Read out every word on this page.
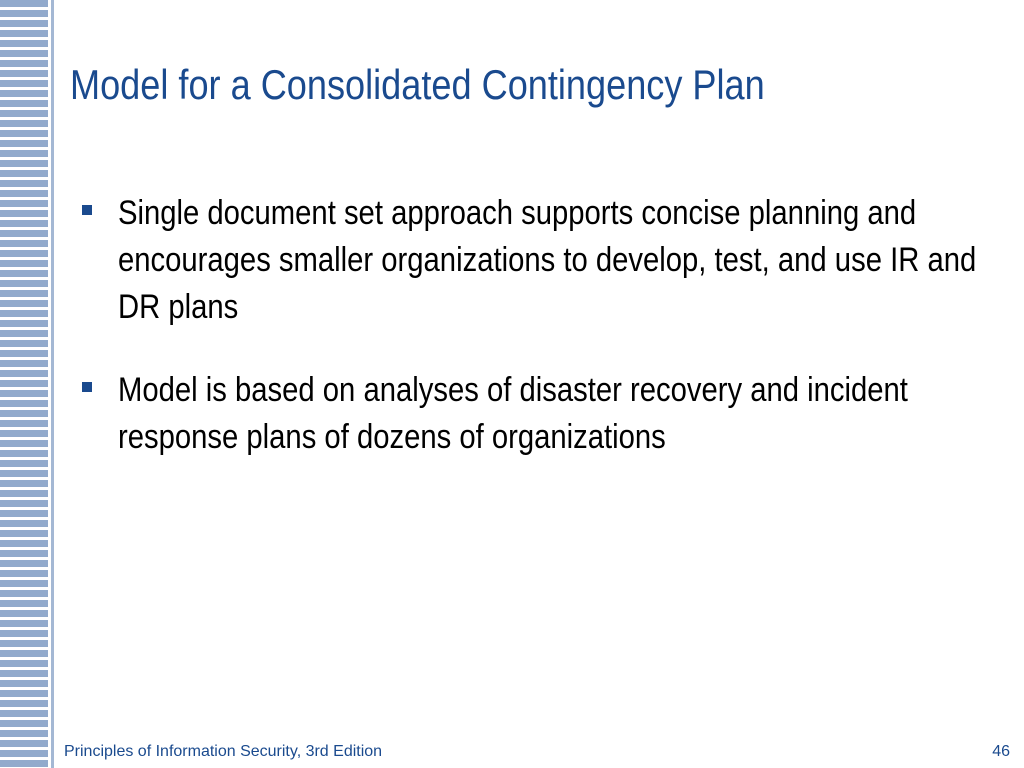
Model for a Consolidated Contingency Plan
Single document set approach supports concise planning and encourages smaller organizations to develop, test, and use IR and DR plans
Model is based on analyses of disaster recovery and incident response plans of dozens of organizations
Principles of Information Security, 3rd Edition	46
